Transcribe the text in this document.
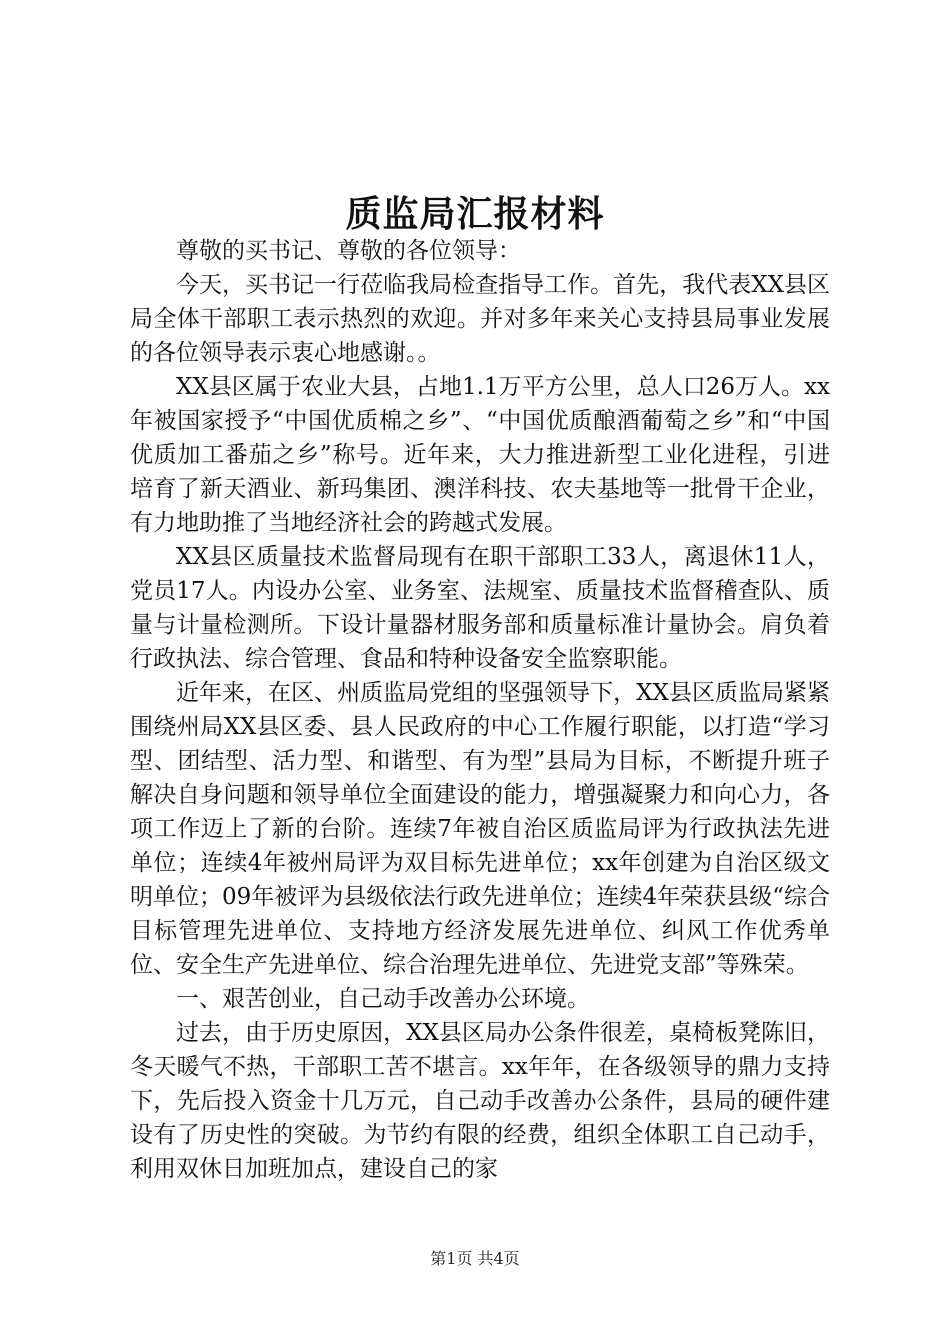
质监局汇报材料

尊敬的买书记、尊敬的各位领导：

今天，买书记一行莅临我局检查指导工作。首先，我代表XX县区局全体干部职工表示热烈的欢迎。并对多年来关心支持县局事业发展的各位领导表示衷心地感谢。。

XX县区属于农业大县，占地1.1万平方公里，总人口26万人。xx年被国家授予“中国优质棉之乡”、“中国优质酿酒葡萄之乡”和“中国优质加工番茄之乡”称号。近年来，大力推进新型工业化进程，引进培育了新天酒业、新玛集团、澳洋科技、农夫基地等一批骨干企业，有力地助推了当地经济社会的跨越式发展。

XX县区质量技术监督局现有在职干部职工33人，离退休11人，党员17人。内设办公室、业务室、法规室、质量技术监督稽查队、质量与计量检测所。下设计量器材服务部和质量标准计量协会。肩负着行政执法、综合管理、食品和特种设备安全监察职能。

近年来，在区、州质监局党组的坚强领导下，XX县区质监局紧紧围绕州局XX县区委、县人民政府的中心工作履行职能，以打造“学习型、团结型、活力型、和谐型、有为型”县局为目标，不断提升班子解决自身问题和领导单位全面建设的能力，增强凝聚力和向心力，各项工作迈上了新的台阶。连续7年被自治区质监局评为行政执法先进单位；连续4年被州局评为双目标先进单位；xx年创建为自治区级文明单位；09年被评为县级依法行政先进单位；连续4年荣获县级“综合目标管理先进单位、支持地方经济发展先进单位、纠风工作优秀单位、安全生产先进单位、综合治理先进单位、先进党支部”等殊荣。

一、艰苦创业，自己动手改善办公环境。

过去，由于历史原因，XX县区局办公条件很差，桌椅板凳陈旧，冬天暖气不热，干部职工苦不堪言。xx年年，在各级领导的鼎力支持下，先后投入资金十几万元，自己动手改善办公条件，县局的硬件建设有了历史性的突破。为节约有限的经费，组织全体职工自己动手，利用双休日加班加点，建设自己的家

第1页 共4页
